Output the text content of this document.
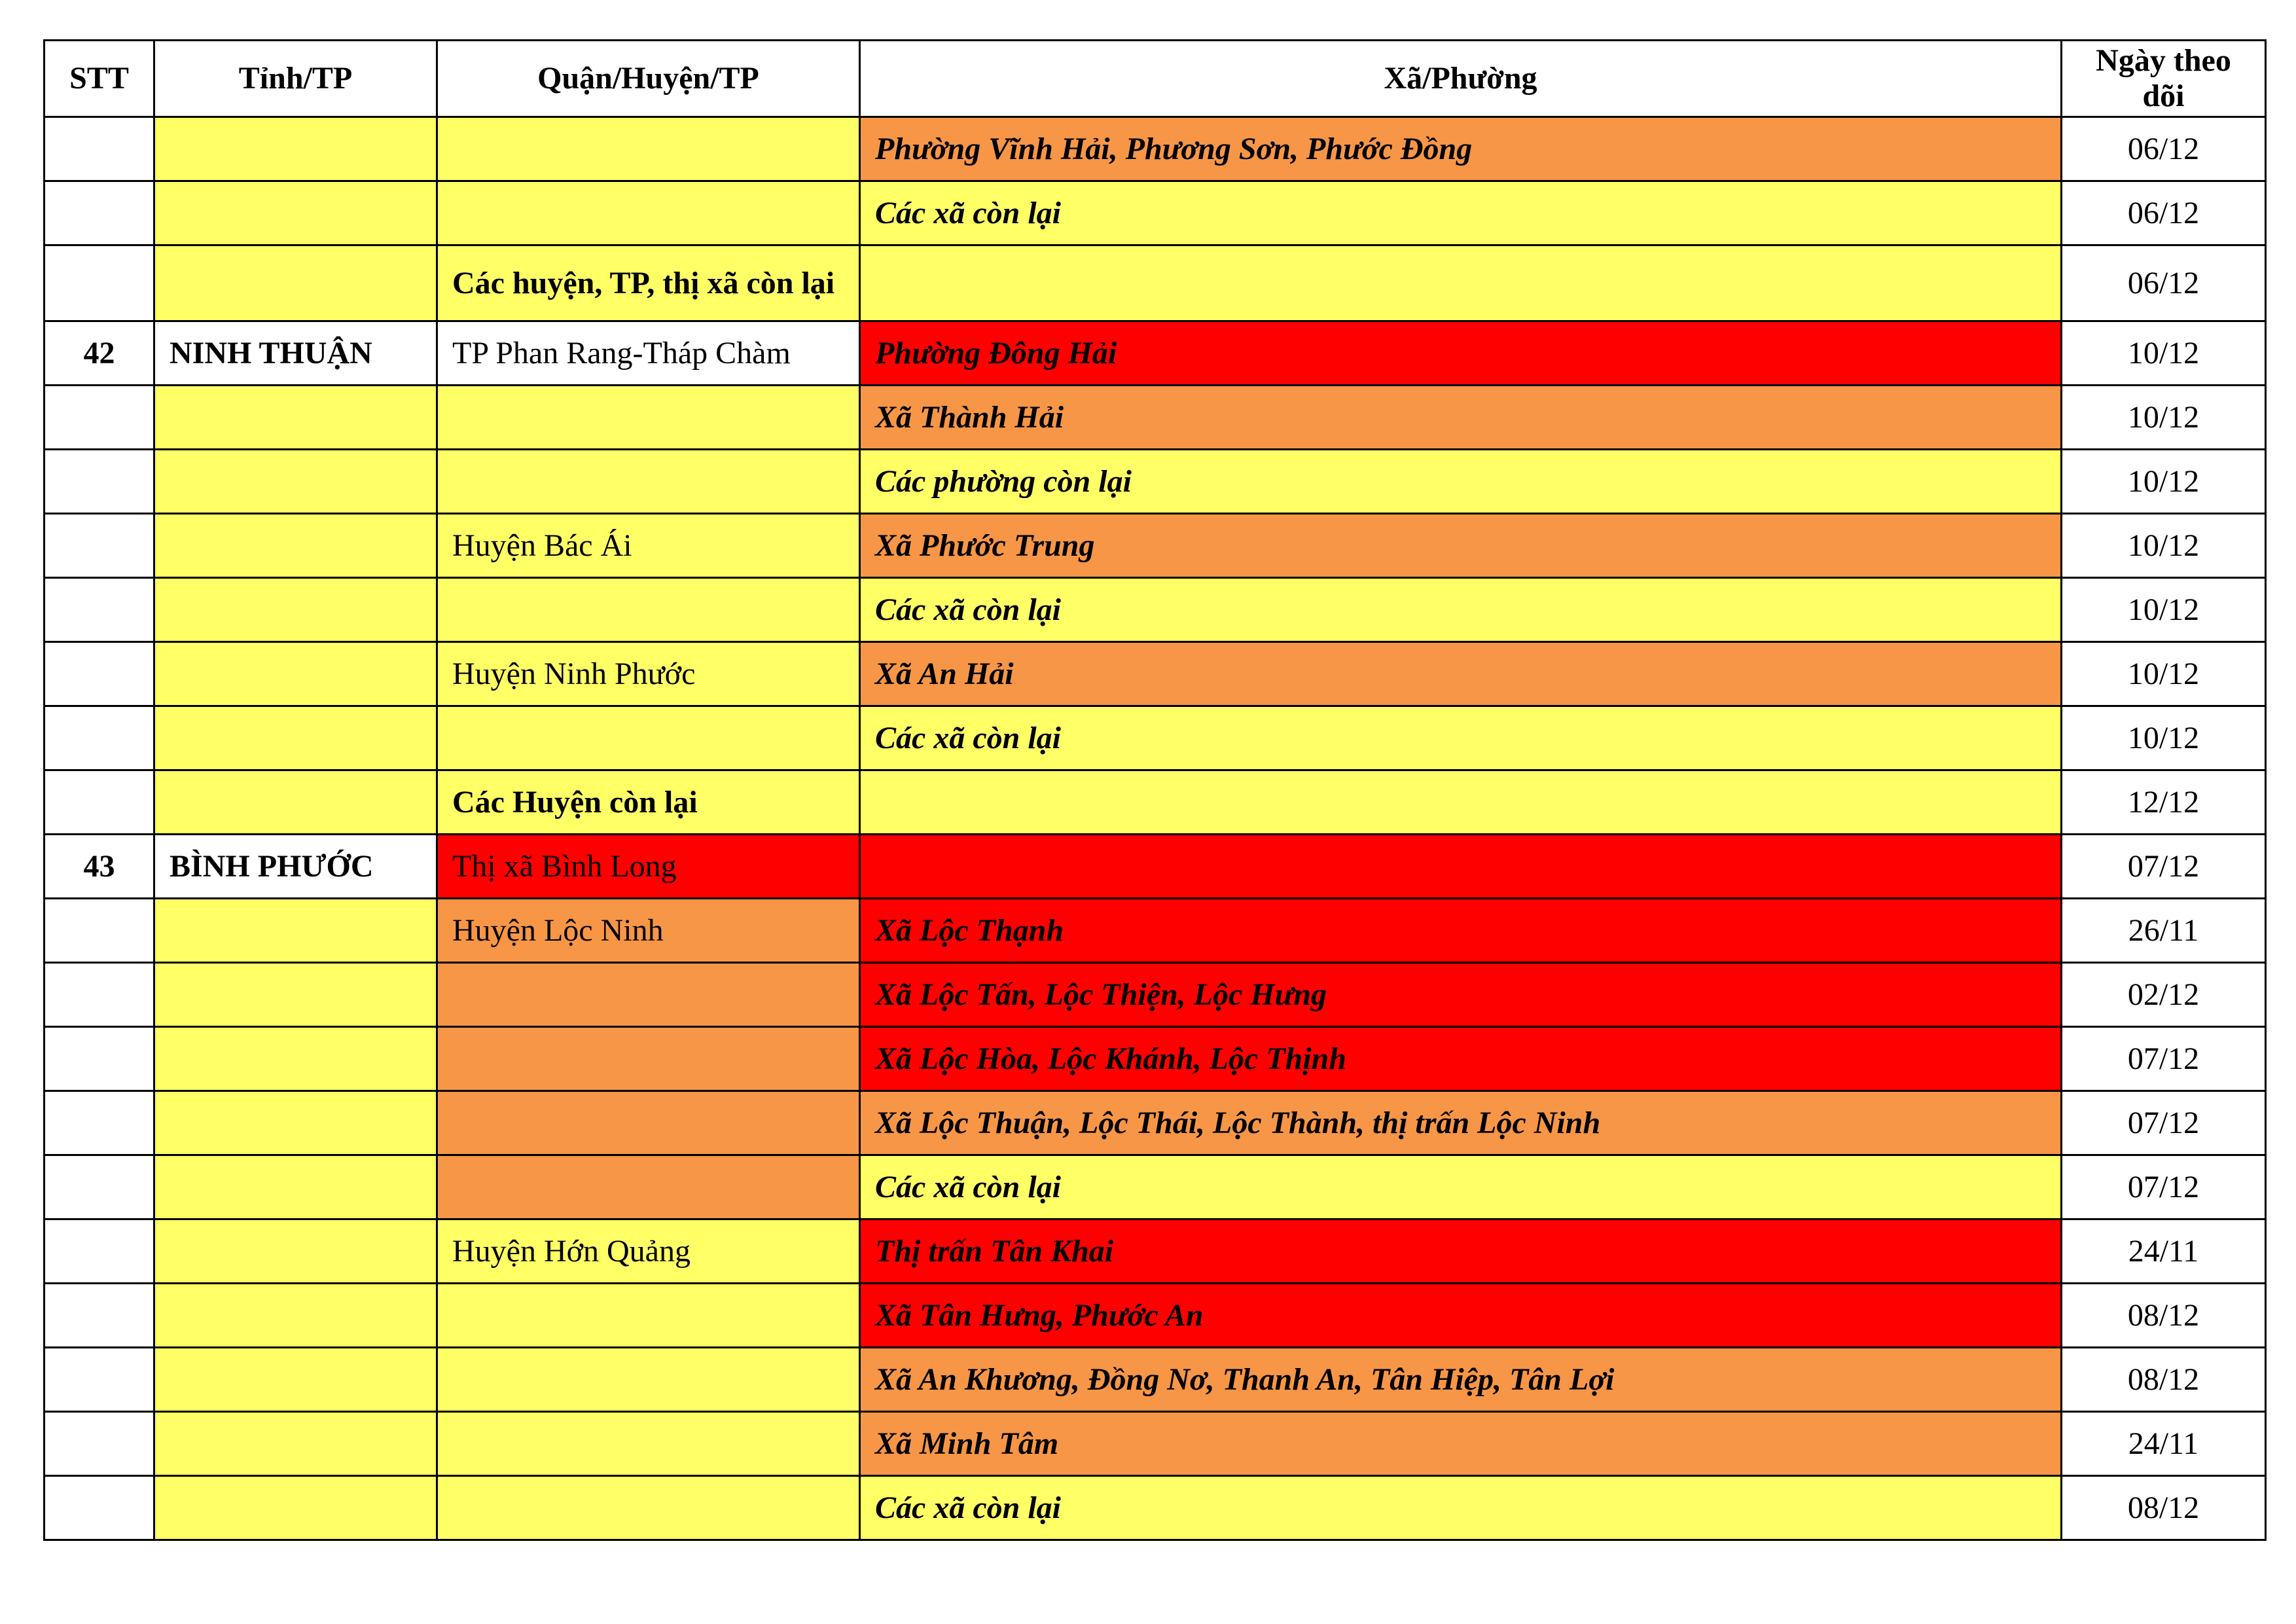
STT	Tỉnh/TP	Quận/Huyện/TP	Xã/Phường	Ngày theo dõi
			Phường Vĩnh Hải, Phương Sơn, Phước Đồng	06/12
			Các xã còn lại	06/12
		Các huyện, TP, thị xã còn lại		06/12
42	NINH THUẬN	TP Phan Rang-Tháp Chàm	Phường Đông Hải	10/12
			Xã Thành Hải	10/12
			Các phường còn lại	10/12
		Huyện Bác Ái	Xã Phước Trung	10/12
			Các xã còn lại	10/12
		Huyện Ninh Phước	Xã An Hải	10/12
			Các xã còn lại	10/12
		Các Huyện còn lại		12/12
43	BÌNH PHƯỚC	Thị xã Bình Long		07/12
		Huyện Lộc Ninh	Xã Lộc Thạnh	26/11
			Xã Lộc Tấn, Lộc Thiện, Lộc Hưng	02/12
			Xã Lộc Hòa, Lộc Khánh, Lộc Thịnh	07/12
			Xã Lộc Thuận, Lộc Thái, Lộc Thành, thị trấn Lộc Ninh	07/12
			Các xã còn lại	07/12
		Huyện Hớn Quảng	Thị trấn Tân Khai	24/11
			Xã Tân Hưng, Phước An	08/12
			Xã An Khương, Đồng Nơ, Thanh An, Tân Hiệp, Tân Lợi	08/12
			Xã Minh Tâm	24/11
			Các xã còn lại	08/12
